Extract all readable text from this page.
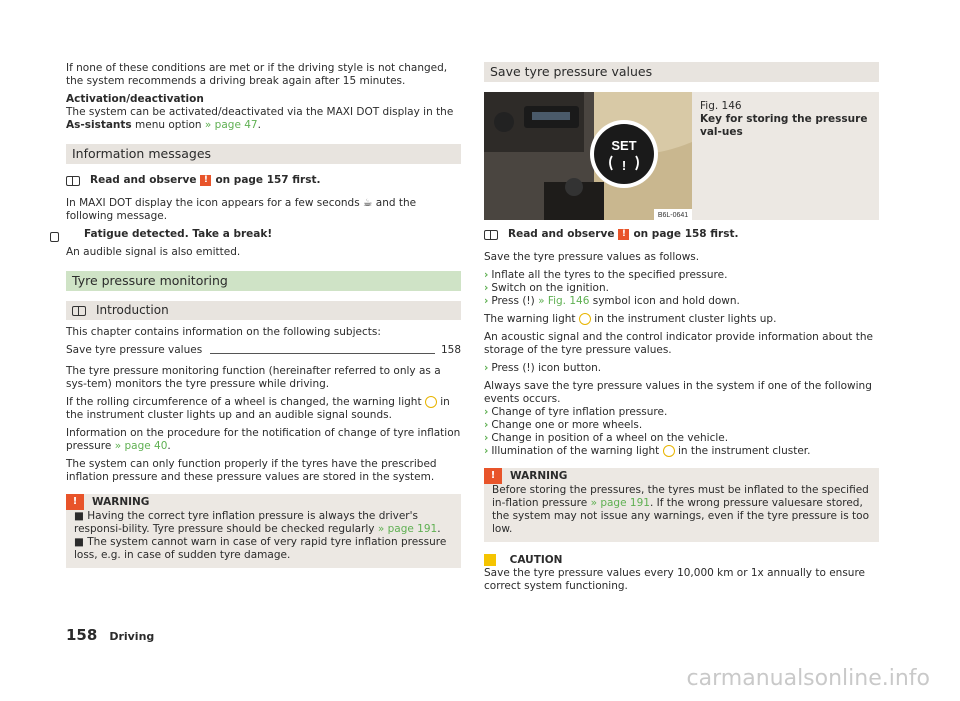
If none of these conditions are met or if the driving style is not changed, the system recommends a driving break again after 15 minutes.

Activation/deactivation

The system can be activated/deactivated via the MAXI DOT display in the As-sistants menu option » page 47.

Information messages
Read and observe ! on page 157 first.

In MAXI DOT display the icon appears for a few seconds ☕ and the following message.

Fatigue detected. Take a break!

An audible signal is also emitted.

Tyre pressure monitoring
Introduction

This chapter contains information on the following subjects:

Save tyre pressure values	158

The tyre pressure monitoring function (hereinafter referred to only as a sys-tem) monitors the tyre pressure while driving.

If the rolling circumference of a wheel is changed, the warning light in the instrument cluster lights up and an audible signal sounds.

Information on the procedure for the notification of change of tyre inflation pressure » page 40.

The system can only function properly if the tyres have the prescribed inflation pressure and these pressure values are stored in the system.

!	WARNING

■ Having the correct tyre inflation pressure is always the driver's responsi-bility. Tyre pressure should be checked regularly » page 191.

■ The system cannot warn in case of very rapid tyre inflation pressure loss, e.g. in case of sudden tyre damage.

Save tyre pressure values
SET
!
B6L-0641
Fig. 146
Key for storing the pressure val-ues
Read and observe ! on page 158 first.

Save the tyre pressure values as follows.

› Inflate all the tyres to the specified pressure.
› Switch on the ignition.
› Press (!) » Fig. 146 symbol icon and hold down.

The warning light in the instrument cluster lights up.

An acoustic signal and the control indicator provide information about the storage of the tyre pressure values.

› Press (!) icon button.

Always save the tyre pressure values in the system if one of the following events occurs.

› Change of tyre inflation pressure.
› Change one or more wheels.
› Change in position of a wheel on the vehicle.
› Illumination of the warning light in the instrument cluster.
!	WARNING

Before storing the pressures, the tyres must be inflated to the specified in-flation pressure » page 191. If the wrong pressure valuesare stored, the system may not issue any warnings, even if the tyre pressure is too low.

CAUTION

Save the tyre pressure values every 10,000 km or 1x annually to ensure correct system functioning.

158 Driving
carmanualsonline.info
